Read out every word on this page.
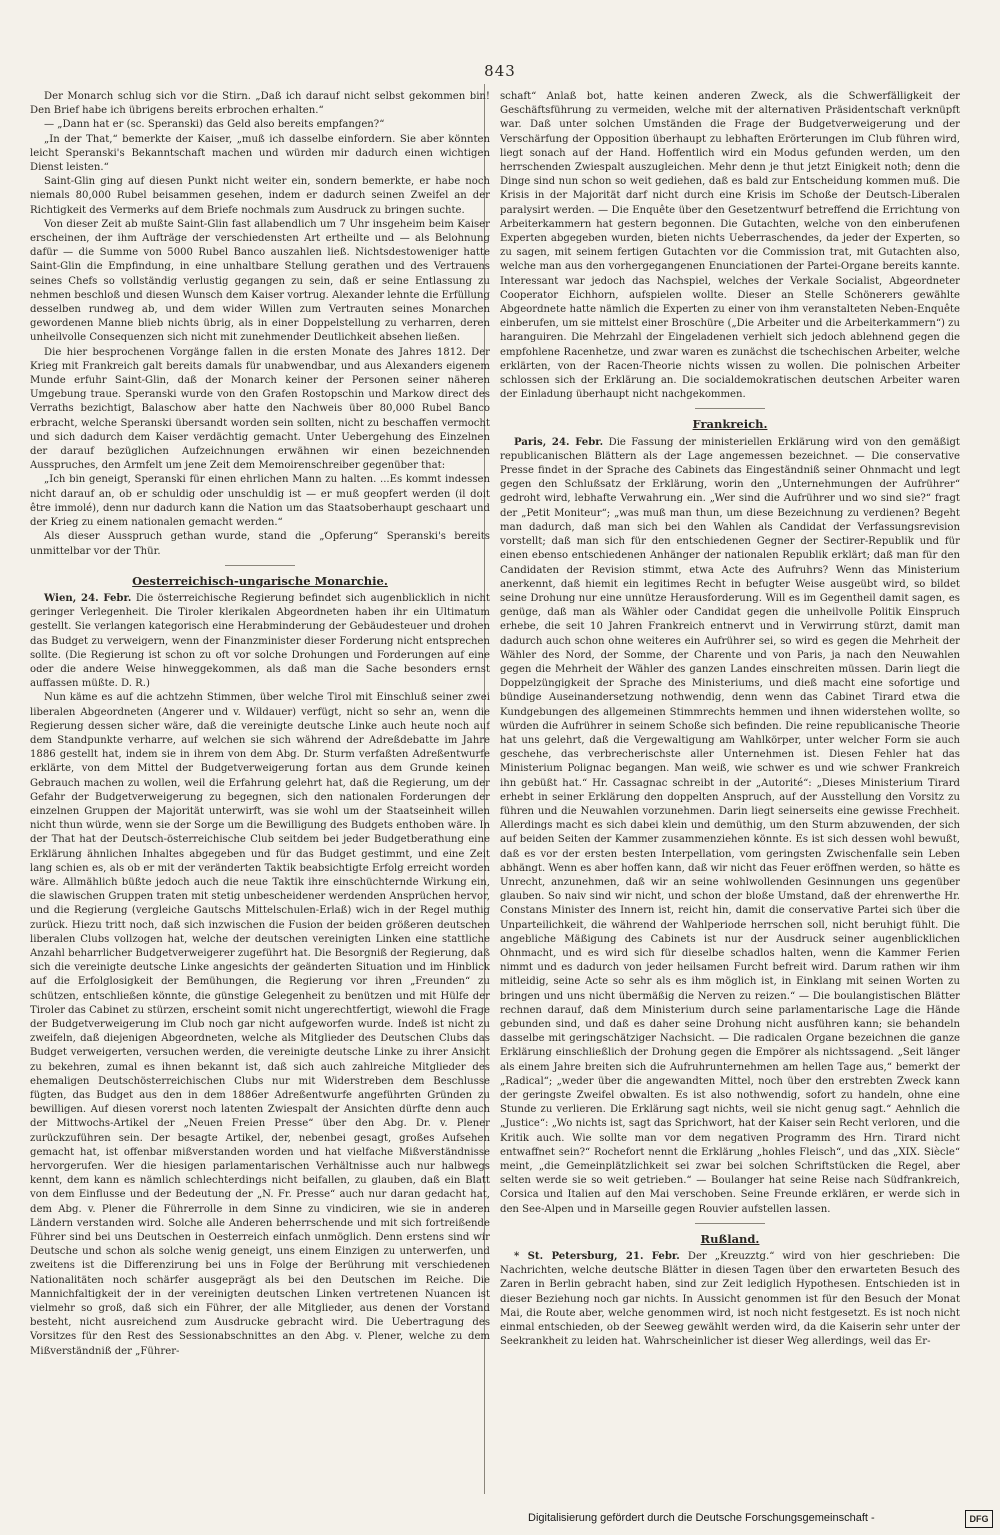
843

Der Monarch schlug sich vor die Stirn. „Daß ich darauf nicht selbst gekommen bin! Den Brief habe ich übrigens bereits erbrochen erhalten.“

— „Dann hat er (sc. Speranski) das Geld also bereits empfangen?“

„In der That,“ bemerkte der Kaiser, „muß ich dasselbe einfordern. Sie aber könnten leicht Speranski's Bekanntschaft machen und würden mir dadurch einen wichtigen Dienst leisten.“

Saint-Glin ging auf diesen Punkt nicht weiter ein, sondern bemerkte, er habe noch niemals 80,000 Rubel beisammen gesehen, indem er dadurch seinen Zweifel an der Richtigkeit des Vermerks auf dem Briefe nochmals zum Ausdruck zu bringen suchte.

Von dieser Zeit ab mußte Saint-Glin fast allabendlich um 7 Uhr insgeheim beim Kaiser erscheinen, der ihm Aufträge der verschiedensten Art ertheilte und — als Belohnung dafür — die Summe von 5000 Rubel Banco auszahlen ließ. Nichtsdestoweniger hatte Saint-Glin die Empfindung, in eine unhaltbare Stellung gerathen und des Vertrauens seines Chefs so vollständig verlustig gegangen zu sein, daß er seine Entlassung zu nehmen beschloß und diesen Wunsch dem Kaiser vortrug. Alexander lehnte die Erfüllung desselben rundweg ab, und dem wider Willen zum Vertrauten seines Monarchen gewordenen Manne blieb nichts übrig, als in einer Doppelstellung zu verharren, deren unheilvolle Consequenzen sich nicht mit zunehmender Deutlichkeit absehen ließen.

Die hier besprochenen Vorgänge fallen in die ersten Monate des Jahres 1812. Der Krieg mit Frankreich galt bereits damals für unabwendbar, und aus Alexanders eigenem Munde erfuhr Saint-Glin, daß der Monarch keiner der Personen seiner näheren Umgebung traue. Speranski wurde von den Grafen Rostopschin und Markow direct des Verraths bezichtigt, Balaschow aber hatte den Nachweis über 80,000 Rubel Banco erbracht, welche Speranski übersandt worden sein sollten, nicht zu beschaffen vermocht und sich dadurch dem Kaiser verdächtig gemacht. Unter Uebergehung des Einzelnen der darauf bezüglichen Aufzeichnungen erwähnen wir einen bezeichnenden Ausspruches, den Armfelt um jene Zeit dem Memoirenschreiber gegenüber that:

„Ich bin geneigt, Speranski für einen ehrlichen Mann zu halten. ...Es kommt indessen nicht darauf an, ob er schuldig oder unschuldig ist — er muß geopfert werden (il doit être immolé), denn nur dadurch kann die Nation um das Staatsoberhaupt geschaart und der Krieg zu einem nationalen gemacht werden.“

Als dieser Ausspruch gethan wurde, stand die „Opferung“ Speranski's bereits unmittelbar vor der Thür.

Oesterreichisch-ungarische Monarchie.

Wien, 24. Febr. Die österreichische Regierung befindet sich augenblicklich in nicht geringer Verlegenheit. Die Tiroler klerikalen Abgeordneten haben ihr ein Ultimatum gestellt. Sie verlangen kategorisch eine Herabminderung der Gebäudesteuer und drohen das Budget zu verweigern, wenn der Finanzminister dieser Forderung nicht entsprechen sollte. (Die Regierung ist schon zu oft vor solche Drohungen und Forderungen auf eine oder die andere Weise hinweggekommen, als daß man die Sache besonders ernst auffassen müßte. D. R.)

Nun käme es auf die achtzehn Stimmen, über welche Tirol mit Einschluß seiner zwei liberalen Abgeordneten (Angerer und v. Wildauer) verfügt, nicht so sehr an, wenn die Regierung dessen sicher wäre, daß die vereinigte deutsche Linke auch heute noch auf dem Standpunkte verharre, auf welchen sie sich während der Adreßdebatte im Jahre 1886 gestellt hat, indem sie in ihrem von dem Abg. Dr. Sturm verfaßten Adreßentwurfe erklärte, von dem Mittel der Budgetverweigerung fortan aus dem Grunde keinen Gebrauch machen zu wollen, weil die Erfahrung gelehrt hat, daß die Regierung, um der Gefahr der Budgetverweigerung zu begegnen, sich den nationalen Forderungen der einzelnen Gruppen der Majorität unterwirft, was sie wohl um der Staatseinheit willen nicht thun würde, wenn sie der Sorge um die Bewilligung des Budgets enthoben wäre. In der That hat der Deutsch-österreichische Club seitdem bei jeder Budgetberathung eine Erklärung ähnlichen Inhaltes abgegeben und für das Budget gestimmt, und eine Zeit lang schien es, als ob er mit der veränderten Taktik beabsichtigte Erfolg erreicht worden wäre. Allmählich büßte jedoch auch die neue Taktik ihre einschüchternde Wirkung ein, die slawischen Gruppen traten mit stetig unbescheidener werdenden Ansprüchen hervor, und die Regierung (vergleiche Gautschs Mittelschulen-Erlaß) wich in der Regel muthig zurück. Hiezu tritt noch, daß sich inzwischen die Fusion der beiden größeren deutschen liberalen Clubs vollzogen hat, welche der deutschen vereinigten Linken eine stattliche Anzahl beharrlicher Budgetverweigerer zugeführt hat. Die Besorgniß der Regierung, daß sich die vereinigte deutsche Linke angesichts der geänderten Situation und im Hinblick auf die Erfolglosigkeit der Bemühungen, die Regierung vor ihren „Freunden“ zu schützen, entschließen könnte, die günstige Gelegenheit zu benützen und mit Hülfe der Tiroler das Cabinet zu stürzen, erscheint somit nicht ungerechtfertigt, wiewohl die Frage der Budgetverweigerung im Club noch gar nicht aufgeworfen wurde. Indeß ist nicht zu zweifeln, daß diejenigen Abgeordneten, welche als Mitglieder des Deutschen Clubs das Budget verweigerten, versuchen werden, die vereinigte deutsche Linke zu ihrer Ansicht zu bekehren, zumal es ihnen bekannt ist, daß sich auch zahlreiche Mitglieder des ehemaligen Deutschösterreichischen Clubs nur mit Widerstreben dem Beschlusse fügten, das Budget aus den in dem 1886er Adreßentwurfe angeführten Gründen zu bewilligen. Auf diesen vorerst noch latenten Zwiespalt der Ansichten dürfte denn auch der Mittwochs-Artikel der „Neuen Freien Presse“ über den Abg. Dr. v. Plener zurückzuführen sein. Der besagte Artikel, der, nebenbei gesagt, großes Aufsehen gemacht hat, ist offenbar mißverstanden worden und hat vielfache Mißverständnisse hervorgerufen. Wer die hiesigen parlamentarischen Verhältnisse auch nur halbwegs kennt, dem kann es nämlich schlechterdings nicht beifallen, zu glauben, daß ein Blatt von dem Einflusse und der Bedeutung der „N. Fr. Presse“ auch nur daran gedacht hat, dem Abg. v. Plener die Führerrolle in dem Sinne zu vindiciren, wie sie in anderen Ländern verstanden wird. Solche alle Anderen beherrschende und mit sich fortreißende Führer sind bei uns Deutschen in Oesterreich einfach unmöglich. Denn erstens sind wir Deutsche und schon als solche wenig geneigt, uns einem Einzigen zu unterwerfen, und zweitens ist die Differenzirung bei uns in Folge der Berührung mit verschiedenen Nationalitäten noch schärfer ausgeprägt als bei den Deutschen im Reiche. Die Mannichfaltigkeit der in der vereinigten deutschen Linken vertretenen Nuancen ist vielmehr so groß, daß sich ein Führer, der alle Mitglieder, aus denen der Vorstand besteht, nicht ausreichend zum Ausdrucke gebracht wird. Die Uebertragung des Vorsitzes für den Rest des Sessionabschnittes an den Abg. v. Plener, welche zu dem Mißverständniß der „Führer-

schaft“ Anlaß bot, hatte keinen anderen Zweck, als die Schwerfälligkeit der Geschäftsführung zu vermeiden, welche mit der alternativen Präsidentschaft verknüpft war. Daß unter solchen Umständen die Frage der Budgetverweigerung und der Verschärfung der Opposition überhaupt zu lebhaften Erörterungen im Club führen wird, liegt sonach auf der Hand. Hoffentlich wird ein Modus gefunden werden, um den herrschenden Zwiespalt auszugleichen. Mehr denn je thut jetzt Einigkeit noth; denn die Dinge sind nun schon so weit gediehen, daß es bald zur Entscheidung kommen muß. Die Krisis in der Majorität darf nicht durch eine Krisis im Schoße der Deutsch-Liberalen paralysirt werden. — Die Enquête über den Gesetzentwurf betreffend die Errichtung von Arbeiterkammern hat gestern begonnen. Die Gutachten, welche von den einberufenen Experten abgegeben wurden, bieten nichts Ueberraschendes, da jeder der Experten, so zu sagen, mit seinem fertigen Gutachten vor die Commission trat, mit Gutachten also, welche man aus den vorhergegangenen Enunciationen der Partei-Organe bereits kannte. Interessant war jedoch das Nachspiel, welches der Verkale Socialist, Abgeordneter Cooperator Eichhorn, aufspielen wollte. Dieser an Stelle Schönerers gewählte Abgeordnete hatte nämlich die Experten zu einer von ihm veranstalteten Neben-Enquête einberufen, um sie mittelst einer Broschüre („Die Arbeiter und die Arbeiterkammern“) zu haranguiren. Die Mehrzahl der Eingeladenen verhielt sich jedoch ablehnend gegen die empfohlene Racenhetze, und zwar waren es zunächst die tschechischen Arbeiter, welche erklärten, von der Racen-Theorie nichts wissen zu wollen. Die polnischen Arbeiter schlossen sich der Erklärung an. Die socialdemokratischen deutschen Arbeiter waren der Einladung überhaupt nicht nachgekommen.

Frankreich.

Paris, 24. Febr. Die Fassung der ministeriellen Erklärung wird von den gemäßigt republicanischen Blättern als der Lage angemessen bezeichnet. — Die conservative Presse findet in der Sprache des Cabinets das Eingeständniß seiner Ohnmacht und legt gegen den Schlußsatz der Erklärung, worin den „Unternehmungen der Aufrührer“ gedroht wird, lebhafte Verwahrung ein. „Wer sind die Aufrührer und wo sind sie?“ fragt der „Petit Moniteur“; „was muß man thun, um diese Bezeichnung zu verdienen? Begeht man dadurch, daß man sich bei den Wahlen als Candidat der Verfassungsrevision vorstellt; daß man sich für den entschiedenen Gegner der Sectirer-Republik und für einen ebenso entschiedenen Anhänger der nationalen Republik erklärt; daß man für den Candidaten der Revision stimmt, etwa Acte des Aufruhrs? Wenn das Ministerium anerkennt, daß hiemit ein legitimes Recht in befugter Weise ausgeübt wird, so bildet seine Drohung nur eine unnütze Herausforderung. Will es im Gegentheil damit sagen, es genüge, daß man als Wähler oder Candidat gegen die unheilvolle Politik Einspruch erhebe, die seit 10 Jahren Frankreich entnervt und in Verwirrung stürzt, damit man dadurch auch schon ohne weiteres ein Aufrührer sei, so wird es gegen die Mehrheit der Wähler des Nord, der Somme, der Charente und von Paris, ja nach den Neuwahlen gegen die Mehrheit der Wähler des ganzen Landes einschreiten müssen. Darin liegt die Doppelzüngigkeit der Sprache des Ministeriums, und dieß macht eine sofortige und bündige Auseinandersetzung nothwendig, denn wenn das Cabinet Tirard etwa die Kundgebungen des allgemeinen Stimmrechts hemmen und ihnen widerstehen wollte, so würden die Aufrührer in seinem Schoße sich befinden. Die reine republicanische Theorie hat uns gelehrt, daß die Vergewaltigung am Wahlkörper, unter welcher Form sie auch geschehe, das verbrecherischste aller Unternehmen ist. Diesen Fehler hat das Ministerium Polignac begangen. Man weiß, wie schwer es und wie schwer Frankreich ihn gebüßt hat.“ Hr. Cassagnac schreibt in der „Autorité“: „Dieses Ministerium Tirard erhebt in seiner Erklärung den doppelten Anspruch, auf der Ausstellung den Vorsitz zu führen und die Neuwahlen vorzunehmen. Darin liegt seinerseits eine gewisse Frechheit. Allerdings macht es sich dabei klein und demüthig, um den Sturm abzuwenden, der sich auf beiden Seiten der Kammer zusammenziehen könnte. Es ist sich dessen wohl bewußt, daß es vor der ersten besten Interpellation, vom geringsten Zwischenfalle sein Leben abhängt. Wenn es aber hoffen kann, daß wir nicht das Feuer eröffnen werden, so hätte es Unrecht, anzunehmen, daß wir an seine wohlwollenden Gesinnungen uns gegenüber glauben. So naiv sind wir nicht, und schon der bloße Umstand, daß der ehrenwerthe Hr. Constans Minister des Innern ist, reicht hin, damit die conservative Partei sich über die Unparteilichkeit, die während der Wahlperiode herrschen soll, nicht beruhigt fühlt. Die angebliche Mäßigung des Cabinets ist nur der Ausdruck seiner augenblicklichen Ohnmacht, und es wird sich für dieselbe schadlos halten, wenn die Kammer Ferien nimmt und es dadurch von jeder heilsamen Furcht befreit wird. Darum rathen wir ihm mitleidig, seine Acte so sehr als es ihm möglich ist, in Einklang mit seinen Worten zu bringen und uns nicht übermäßig die Nerven zu reizen.“ — Die boulangistischen Blätter rechnen darauf, daß dem Ministerium durch seine parlamentarische Lage die Hände gebunden sind, und daß es daher seine Drohung nicht ausführen kann; sie behandeln dasselbe mit geringschätziger Nachsicht. — Die radicalen Organe bezeichnen die ganze Erklärung einschließlich der Drohung gegen die Empörer als nichtssagend. „Seit länger als einem Jahre breiten sich die Aufruhrunternehmen am hellen Tage aus,“ bemerkt der „Radical“; „weder über die angewandten Mittel, noch über den erstrebten Zweck kann der geringste Zweifel obwalten. Es ist also nothwendig, sofort zu handeln, ohne eine Stunde zu verlieren. Die Erklärung sagt nichts, weil sie nicht genug sagt.“ Aehnlich die „Justice“: „Wo nichts ist, sagt das Sprichwort, hat der Kaiser sein Recht verloren, und die Kritik auch. Wie sollte man vor dem negativen Programm des Hrn. Tirard nicht entwaffnet sein?“ Rochefort nennt die Erklärung „hohles Fleisch“, und das „XIX. Siècle“ meint, „die Gemeinplätzlichkeit sei zwar bei solchen Schriftstücken die Regel, aber selten werde sie so weit getrieben.“ — Boulanger hat seine Reise nach Südfrankreich, Corsica und Italien auf den Mai verschoben. Seine Freunde erklären, er werde sich in den See-Alpen und in Marseille gegen Rouvier aufstellen lassen.

Rußland.

* St. Petersburg, 21. Febr. Der „Kreuzztg.“ wird von hier geschrieben: Die Nachrichten, welche deutsche Blätter in diesen Tagen über den erwarteten Besuch des Zaren in Berlin gebracht haben, sind zur Zeit lediglich Hypothesen. Entschieden ist in dieser Beziehung noch gar nichts. In Aussicht genommen ist für den Besuch der Monat Mai, die Route aber, welche genommen wird, ist noch nicht festgesetzt. Es ist noch nicht einmal entschieden, ob der Seeweg gewählt werden wird, da die Kaiserin sehr unter der Seekrankheit zu leiden hat. Wahrscheinlicher ist dieser Weg allerdings, weil das Er-

Digitalisierung gefördert durch die Deutsche Forschungsgemeinschaft -	DFG
